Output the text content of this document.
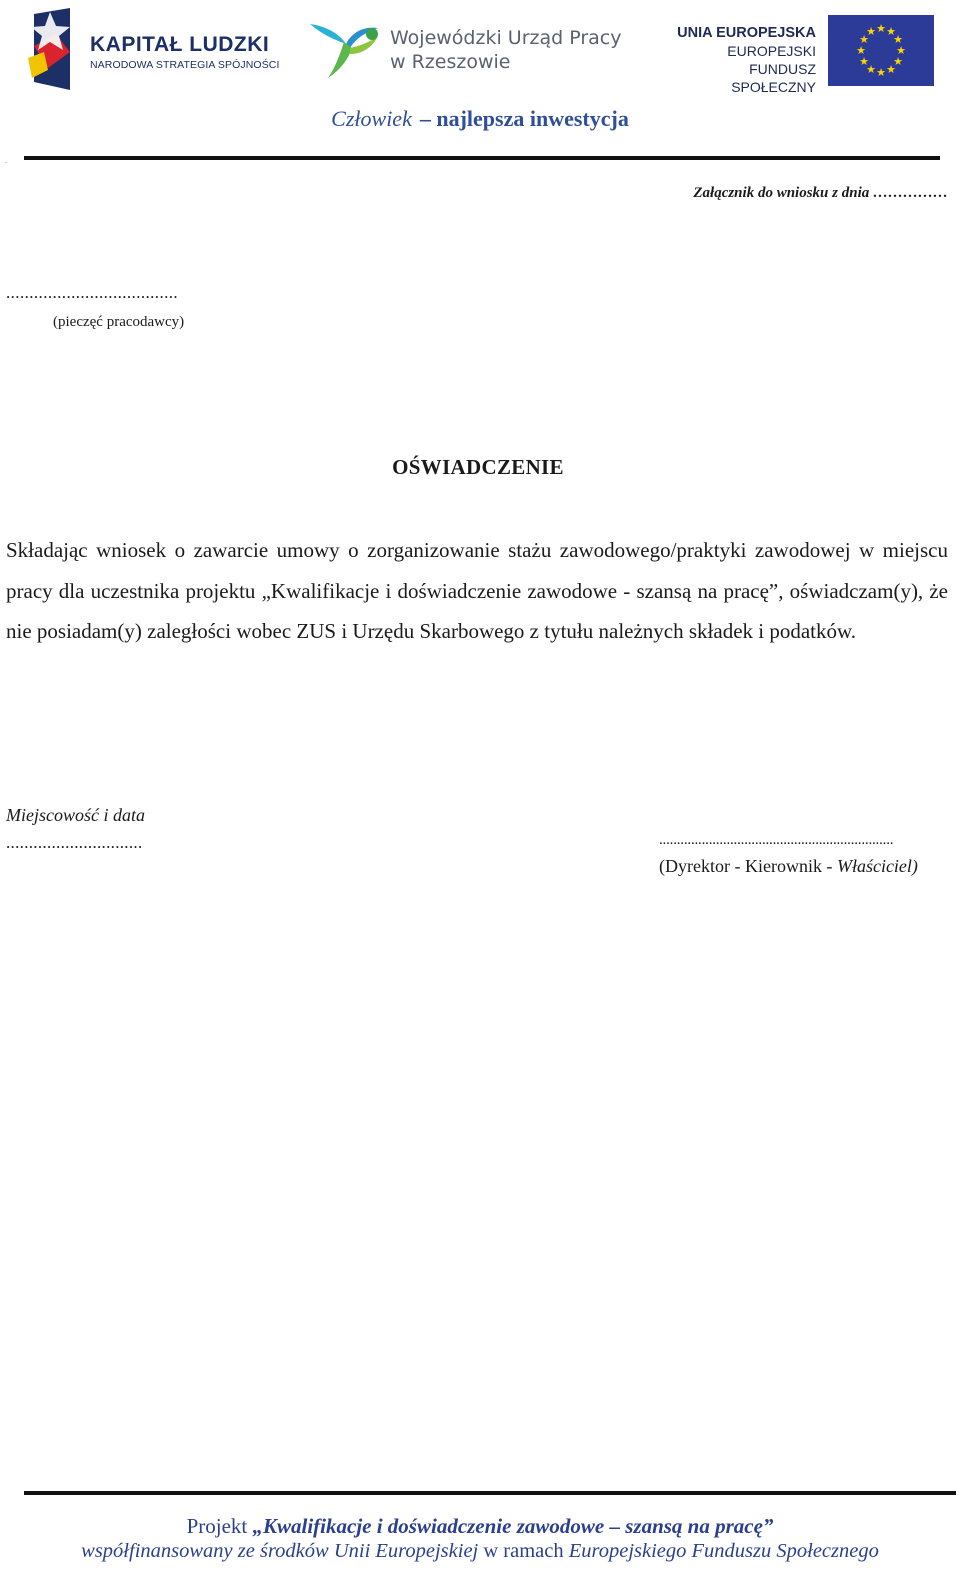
KAPITAŁ LUDZKI
NARODOWA STRATEGIA SPÓJNOŚCI
Wojewódzki Urząd Pracy
w Rzeszowie
UNIA EUROPEJSKA
EUROPEJSKI
FUNDUSZ SPOŁECZNY
★ ★
★
★
★
★
★
★
★
★
★
★
Człowiek – najlepsza inwestycja
.
Załącznik do wniosku z dnia ……………
.....................................
(pieczęć pracodawcy)
OŚWIADCZENIE
Składając wniosek o zawarcie umowy o zorganizowanie stażu zawodowego/praktyki zawodowej w miejscu pracy dla uczestnika projektu „Kwalifikacje i doświadczenie zawodowe - szansą na pracę”, oświadczam(y), że nie posiadam(y) zaległości wobec ZUS i Urzędu Skarbowego z tytułu należnych składek i podatków.
Miejscowość i data
..............................	..................................................................
(Dyrektor - Kierownik - Właściciel)
Projekt „Kwalifikacje i doświadczenie zawodowe – szansą na pracę”
współfinansowany ze środków Unii Europejskiej w ramach Europejskiego Funduszu Społecznego
